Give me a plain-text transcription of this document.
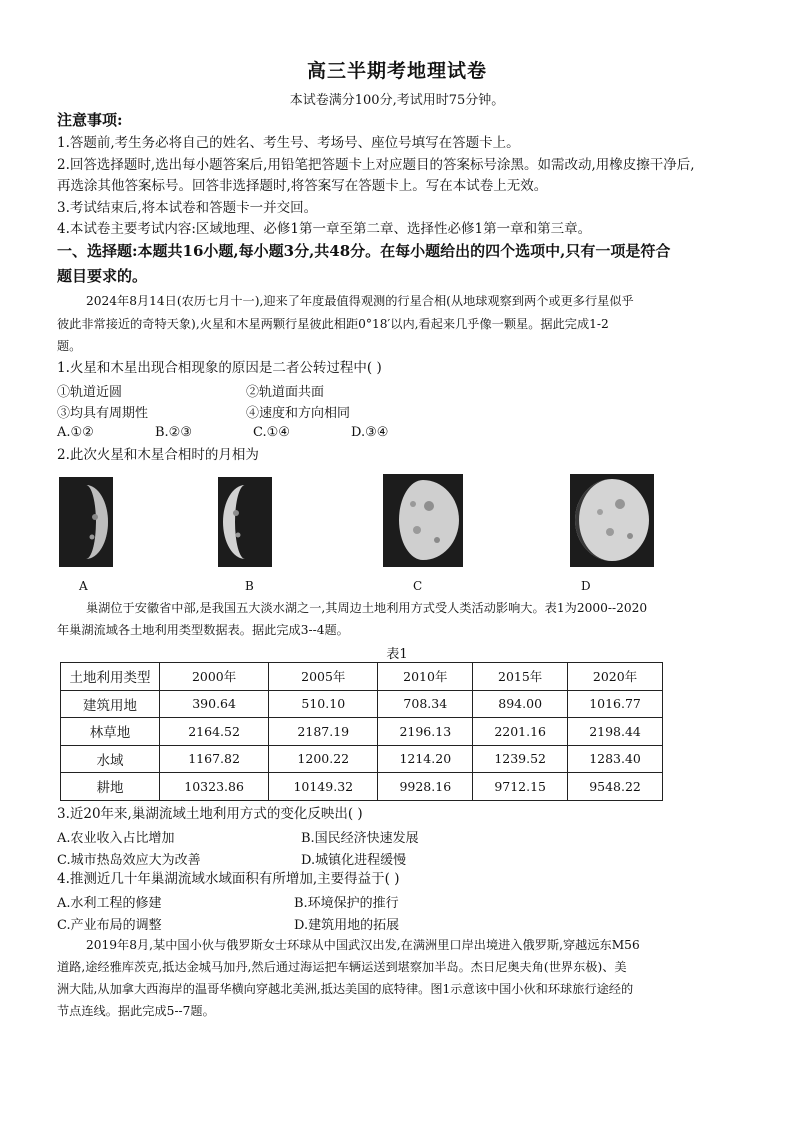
高三半期考地理试卷
本试卷满分100分,考试用时75分钟。
注意事项:
1.答题前,考生务必将自己的姓名、考生号、考场号、座位号填写在答题卡上。
2.回答选择题时,选出每小题答案后,用铅笔把答题卡上对应题目的答案标号涂黑。如需改动,用橡皮擦干净后,
再选涂其他答案标号。回答非选择题时,将答案写在答题卡上。写在本试卷上无效。
3.考试结束后,将本试卷和答题卡一并交回。
4.本试卷主要考试内容:区域地理、必修1第一章至第二章、选择性必修1第一章和第三章。
一、选择题:本题共16小题,每小题3分,共48分。在每小题给出的四个选项中,只有一项是符合
题目要求的。
2024年8月14日(农历七月十一),迎来了年度最值得观测的行星合相(从地球观察到两个或更多行星似乎
彼此非常接近的奇特天象),火星和木星两颗行星彼此相距0°18′以内,看起来几乎像一颗星。据此完成1-2
题。
1.火星和木星出现合相现象的原因是二者公转过程中( )
①轨道近圆	②轨道面共面
③均具有周期性	④速度和方向相同
A.①②	B.②③	C.①④	D.③④
2.此次火星和木星合相时的月相为
A	B	C	D
巢湖位于安徽省中部,是我国五大淡水湖之一,其周边土地利用方式受人类活动影响大。表1为2000--2020
年巢湖流域各土地利用类型数据表。据此完成3--4题。
表1
土地利用类型	2000年	2005年	2010年	2015年	2020年
建筑用地	390.64	510.10	708.34	894.00	1016.77
林草地	2164.52	2187.19	2196.13	2201.16	2198.44
水域	1167.82	1200.22	1214.20	1239.52	1283.40
耕地	10323.86	10149.32	9928.16	9712.15	9548.22
3.近20年来,巢湖流域土地利用方式的变化反映出( )
A.农业收入占比增加	B.国民经济快速发展
C.城市热岛效应大为改善	D.城镇化进程缓慢
4.推测近几十年巢湖流域水域面积有所增加,主要得益于( )
A.水利工程的修建	B.环境保护的推行
C.产业布局的调整	D.建筑用地的拓展
2019年8月,某中国小伙与俄罗斯女士环球从中国武汉出发,在满洲里口岸出境进入俄罗斯,穿越远东M56
道路,途经雅库茨克,抵达金城马加丹,然后通过海运把车辆运送到堪察加半岛。杰日尼奥夫角(世界东极)、美
洲大陆,从加拿大西海岸的温哥华横向穿越北美洲,抵达美国的底特律。图1示意该中国小伙和环球旅行途经的
节点连线。据此完成5--7题。
